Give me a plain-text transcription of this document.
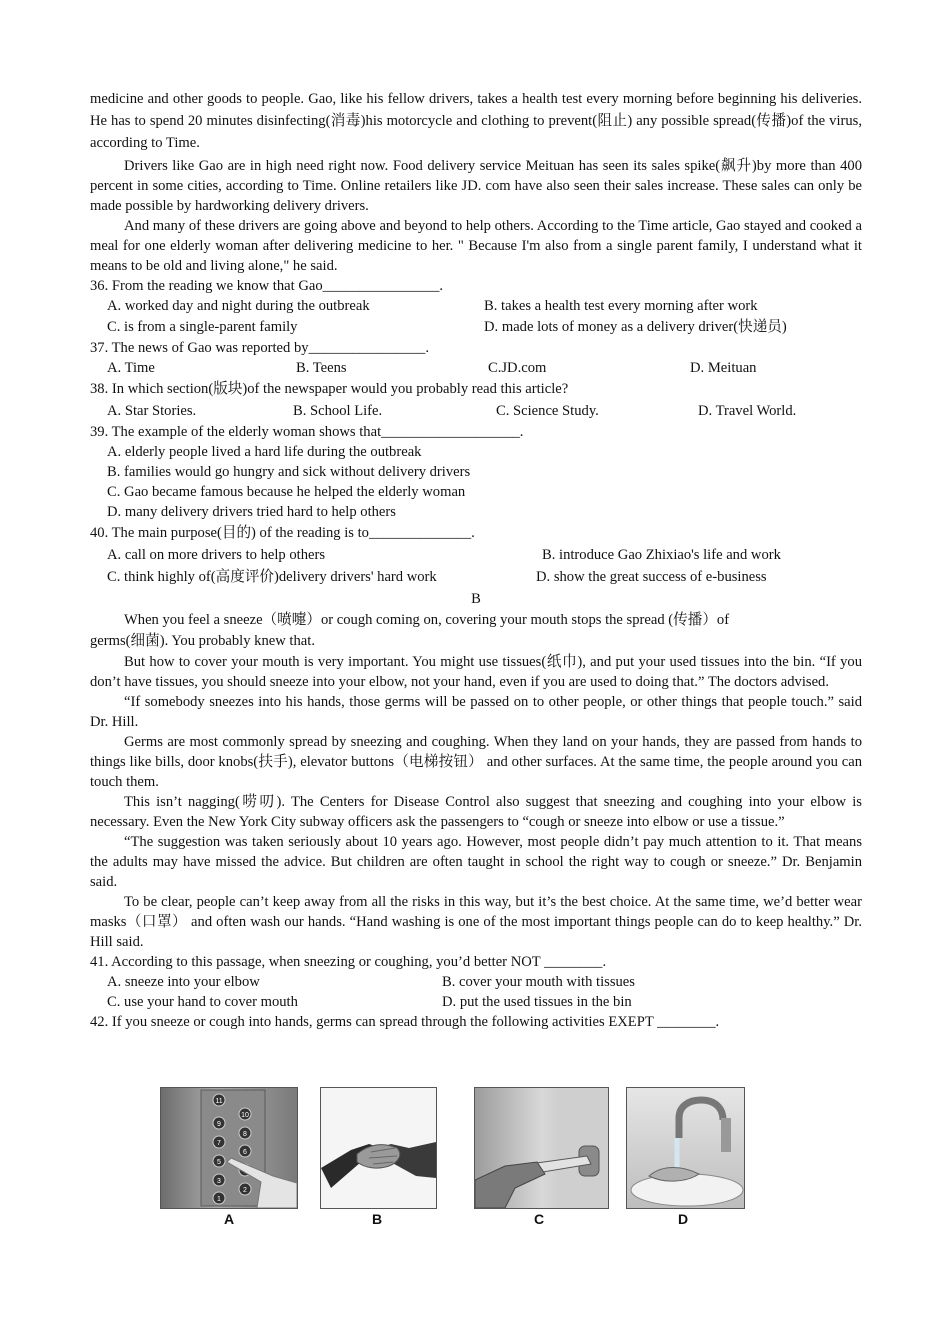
medicine and other goods to people. Gao, like his fellow drivers, takes a health test every morning before beginning his deliveries. He has to spend 20 minutes disinfecting(消毒)his motorcycle and clothing to prevent(阻止) any possible spread(传播)of the virus, according to Time.

Drivers like Gao are in high need right now. Food delivery service Meituan has seen its sales spike(飙升)by more than 400 percent in some cities, according to Time. Online retailers like JD. com have also seen their sales increase. These sales can only be made possible by hardworking delivery drivers.

And many of these drivers are going above and beyond to help others. According to the Time article, Gao stayed and cooked a meal for one elderly woman after delivering medicine to her. " Because I'm also from a single parent family, I understand what it means to be old and living alone," he said.

36. From the reading we know that Gao________________.

A. worked day and night during the outbreak	B. takes a health test every morning after work
C. is from a single-parent family	D. made lots of money as a delivery driver(快递员)

37. The news of Gao was reported by________________.

A. Time	B. Teens	C.JD.com	D. Meituan

38. In which section(版块)of the newspaper would you probably read this article?

A. Star Stories.	B. School Life.	C. Science Study.	D. Travel World.

39. The example of the elderly woman shows that___________________.

A. elderly people lived a hard life during the outbreak
B. families would go hungry and sick without delivery drivers
C. Gao became famous because he helped the elderly woman
D. many delivery drivers tried hard to help others

40. The main purpose(目的) of the reading is to______________.

A. call on more drivers to help others	B. introduce Gao Zhixiao's life and work
C. think highly of(高度评价)delivery drivers' hard work	D. show the great success of e-business

B

When you feel a sneeze（喷嚏）or cough coming on, covering your mouth stops the spread (传播）of germs(细菌). You probably knew that.

But how to cover your mouth is very important. You might use tissues(纸巾), and put your used tissues into the bin. “If you don’t have tissues, you should sneeze into your elbow, not your hand, even if you are used to doing that.” The doctors advised.

“If somebody sneezes into his hands, those germs will be passed on to other people, or other things that people touch.” said Dr. Hill.

Germs are most commonly spread by sneezing and coughing. When they land on your hands, they are passed from hands to things like bills, door knobs(扶手), elevator buttons（电梯按钮） and other surfaces. At the same time, the people around you can touch them.

This isn’t nagging(唠叨). The Centers for Disease Control also suggest that sneezing and coughing into your elbow is necessary. Even the New York City subway officers ask the passengers to “cough or sneeze into elbow or use a tissue.”

“The suggestion was taken seriously about 10 years ago. However, most people didn’t pay much attention to it. That means the adults may have missed the advice. But children are often taught in school the right way to cough or sneeze.” Dr. Benjamin said.

To be clear, people can’t keep away from all the risks in this way, but it’s the best choice. At the same time, we’d better wear masks（口罩） and often wash our hands. “Hand washing is one of the most important things people can do to keep healthy.” Dr. Hill said.

41. According to this passage, when sneezing or coughing, you’d better NOT ________.

A. sneeze into your elbow	B. cover your mouth with tissues
C. use your hand to cover mouth	D. put the used tissues in the bin

42. If you sneeze or cough into hands, germs can spread through the following activities EXEPT ________.

11
10
9
8
7
6
5
3
2
1
A	B	C	D
